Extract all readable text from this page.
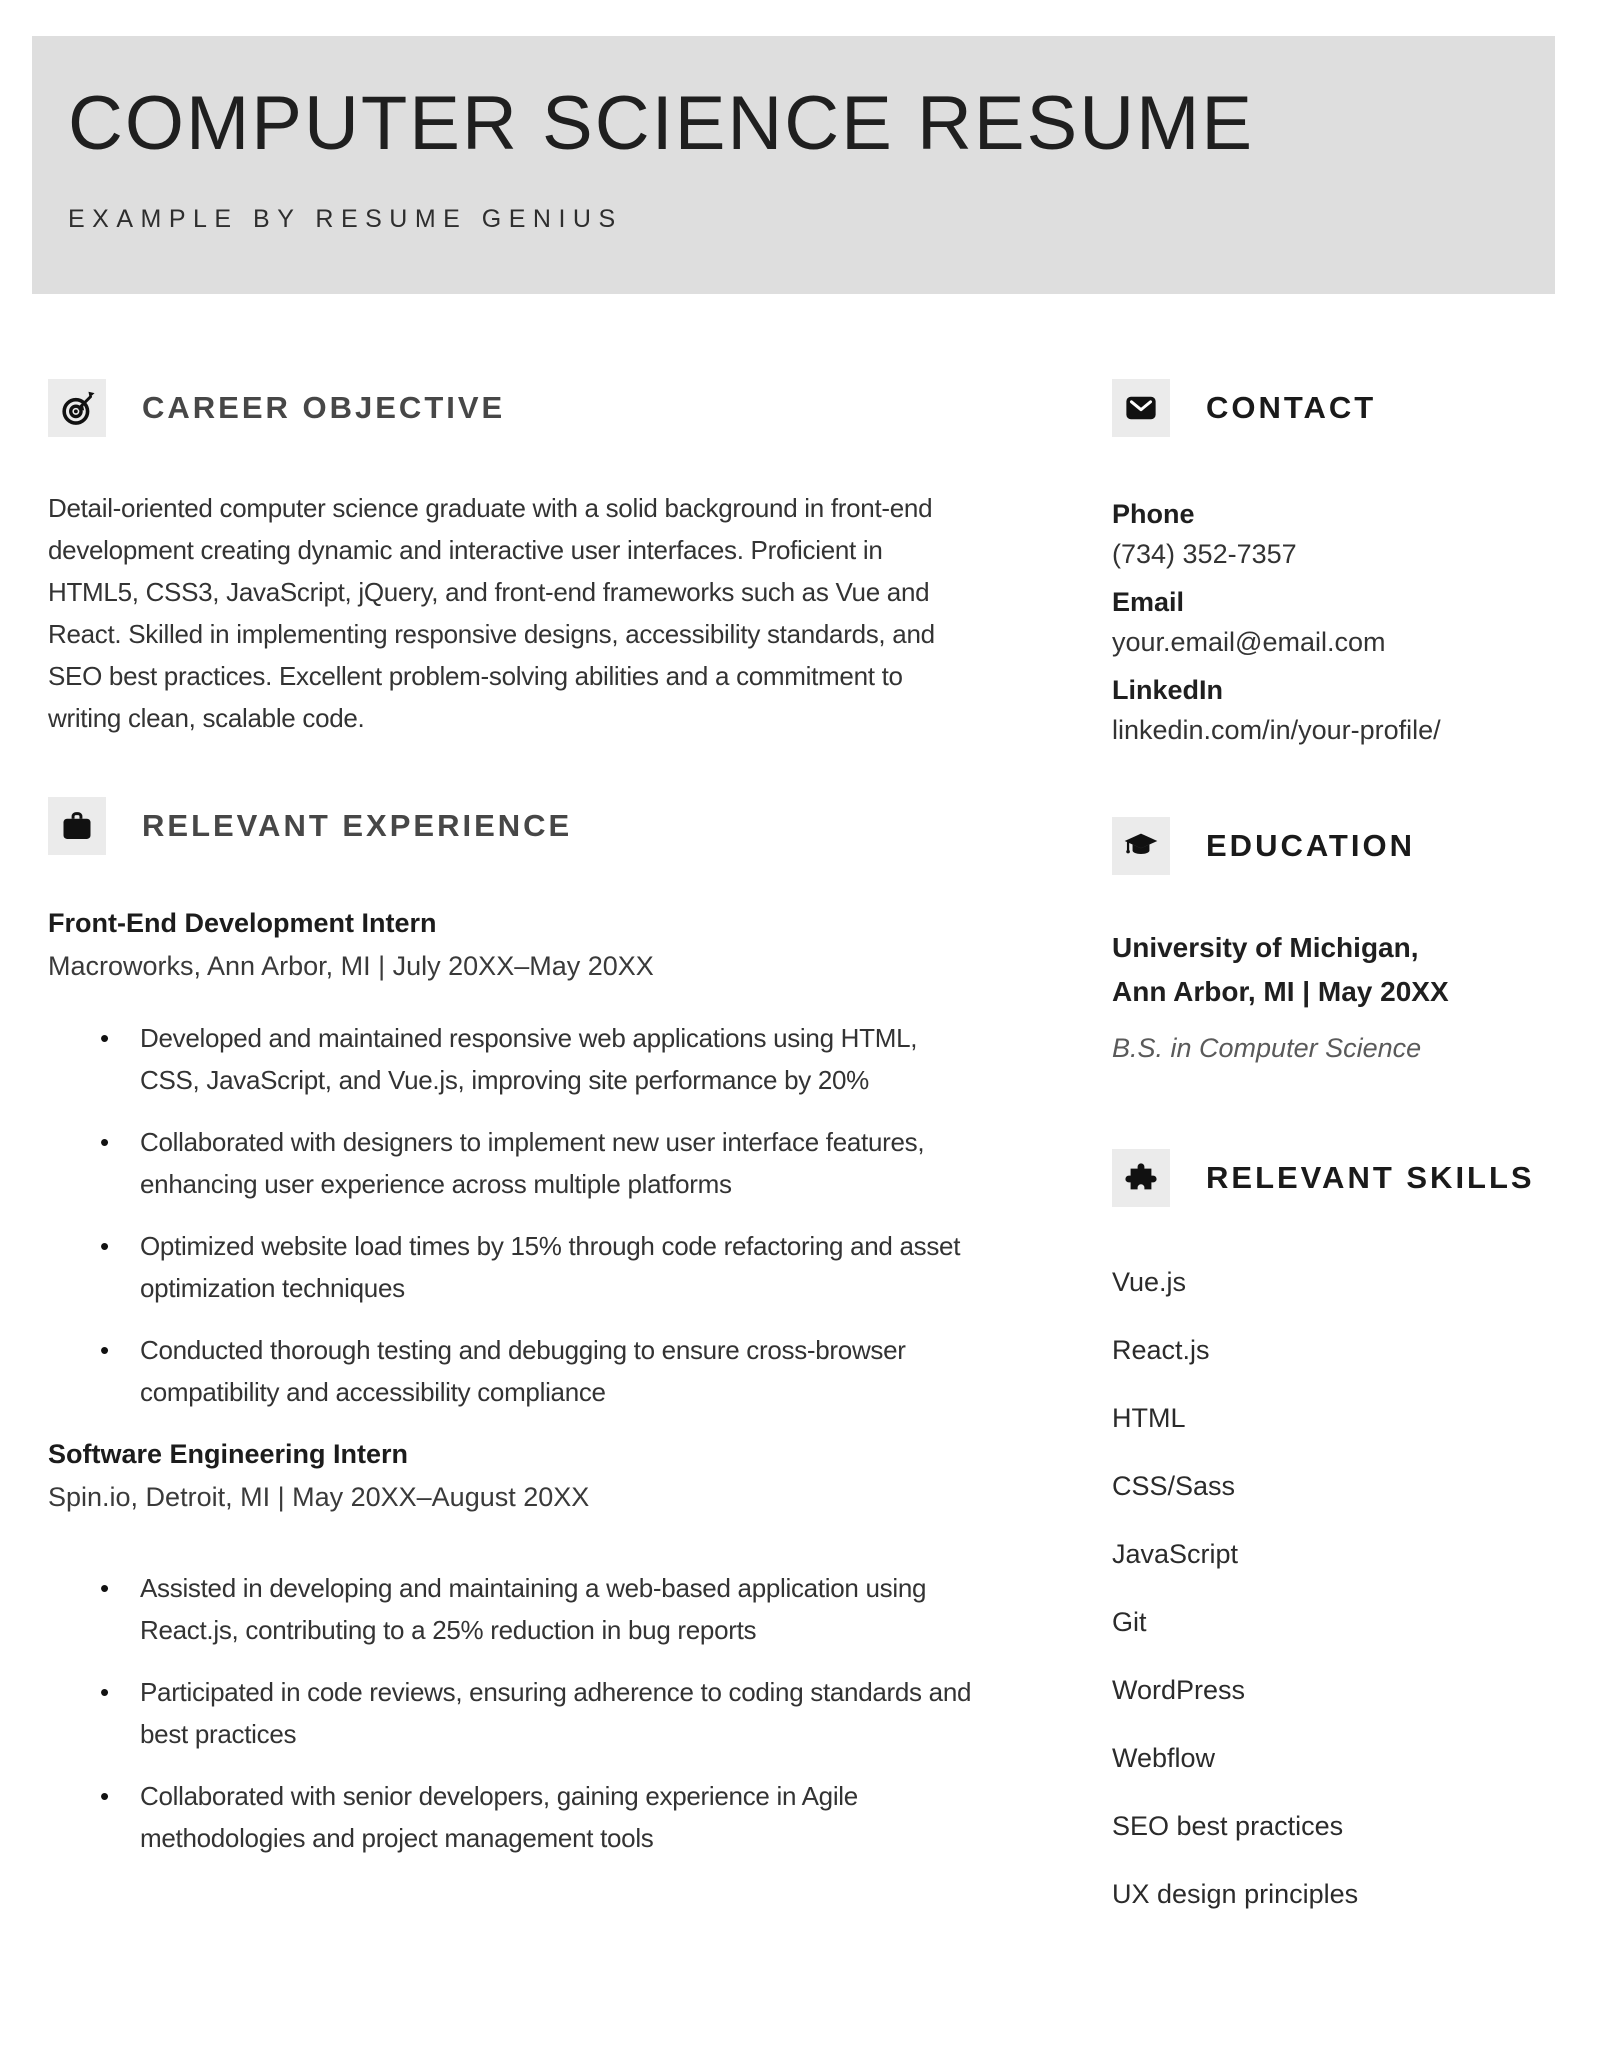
COMPUTER SCIENCE RESUME
EXAMPLE BY RESUME GENIUS
CAREER OBJECTIVE

Detail-oriented computer science graduate with a solid background in front-end development creating dynamic and interactive user interfaces. Proficient in HTML5, CSS3, JavaScript, jQuery, and front-end frameworks such as Vue and React. Skilled in implementing responsive designs, accessibility standards, and SEO best practices. Excellent problem-solving abilities and a commitment to writing clean, scalable code.

RELEVANT EXPERIENCE
Front-End Development Intern
Macroworks, Ann Arbor, MI | July 20XX–May 20XX
• Developed and maintained responsive web applications using HTML, CSS, JavaScript, and Vue.js, improving site performance by 20%
• Collaborated with designers to implement new user interface features, enhancing user experience across multiple platforms
• Optimized website load times by 15% through code refactoring and asset optimization techniques
• Conducted thorough testing and debugging to ensure cross-browser compatibility and accessibility compliance
Software Engineering Intern
Spin.io, Detroit, MI | May 20XX–August 20XX
• Assisted in developing and maintaining a web-based application using React.js, contributing to a 25% reduction in bug reports
• Participated in code reviews, ensuring adherence to coding standards and best practices
• Collaborated with senior developers, gaining experience in Agile methodologies and project management tools
CONTACT
Phone
(734) 352-7357
Email
your.email@email.com
LinkedIn
linkedin.com/in/your-profile/
EDUCATION
University of Michigan,
Ann Arbor, MI | May 20XX
B.S. in Computer Science
RELEVANT SKILLS
Vue.js
React.js
HTML
CSS/Sass
JavaScript
Git
WordPress
Webflow
SEO best practices
UX design principles
